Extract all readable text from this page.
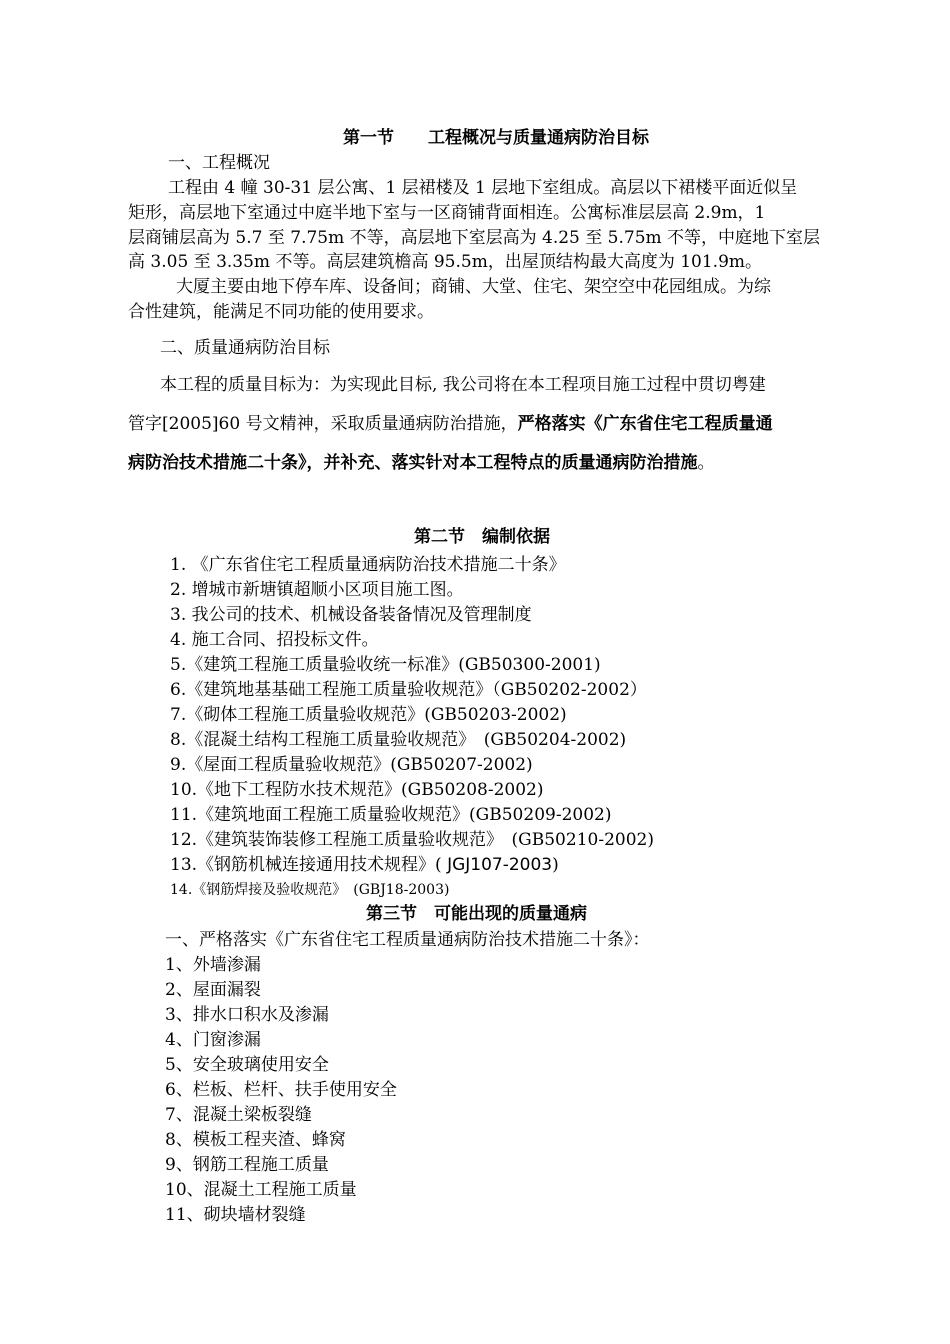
第一节　　工程概况与质量通病防治目标
一、工程概况
工程由 4 幢 30-31 层公寓、1 层裙楼及 1 层地下室组成。高层以下裙楼平面近似呈
矩形，高层地下室通过中庭半地下室与一区商铺背面相连。公寓标准层层高 2.9m，1
层商铺层高为 5.7 至 7.75m 不等，高层地下室层高为 4.25 至 5.75m 不等，中庭地下室层
高 3.05 至 3.35m 不等。高层建筑檐高 95.5m，出屋顶结构最大高度为 101.9m。
大厦主要由地下停车库、设备间；商铺、大堂、住宅、架空空中花园组成。为综
合性建筑，能满足不同功能的使用要求。
二、质量通病防治目标
本工程的质量目标为：为实现此目标, 我公司将在本工程项目施工过程中贯切粤建
管字[2005]60 号文精神，采取质量通病防治措施，严格落实《广东省住宅工程质量通
病防治技术措施二十条》，并补充、落实针对本工程特点的质量通病防治措施。
第二节　编制依据
1. 《广东省住宅工程质量通病防治技术措施二十条》
2. 增城市新塘镇超顺小区项目施工图。
3. 我公司的技术、机械设备装备情况及管理制度
4. 施工合同、招投标文件。
5.《建筑工程施工质量验收统一标准》(GB50300-2001)
6.《建筑地基基础工程施工质量验收规范》（GB50202-2002）
7.《砌体工程施工质量验收规范》(GB50203-2002)
8.《混凝土结构工程施工质量验收规范》　(GB50204-2002)
9.《屋面工程质量验收规范》(GB50207-2002)
10.《地下工程防水技术规范》(GB50208-2002)
11.《建筑地面工程施工质量验收规范》(GB50209-2002)
12.《建筑装饰装修工程施工质量验收规范》　(GB50210-2002)
13.《钢筋机械连接通用技术规程》( JGJ107-2003)
14.《钢筋焊接及验收规范》　(GBJ18-2003)
第三节　可能出现的质量通病
一、严格落实《广东省住宅工程质量通病防治技术措施二十条》：
1、外墙渗漏
2、屋面漏裂
3、排水口积水及渗漏
4、门窗渗漏
5、安全玻璃使用安全
6、栏板、栏杆、扶手使用安全
7、混凝土梁板裂缝
8、模板工程夹渣、蜂窝
9、钢筋工程施工质量
10、混凝土工程施工质量
11、砌块墙材裂缝
